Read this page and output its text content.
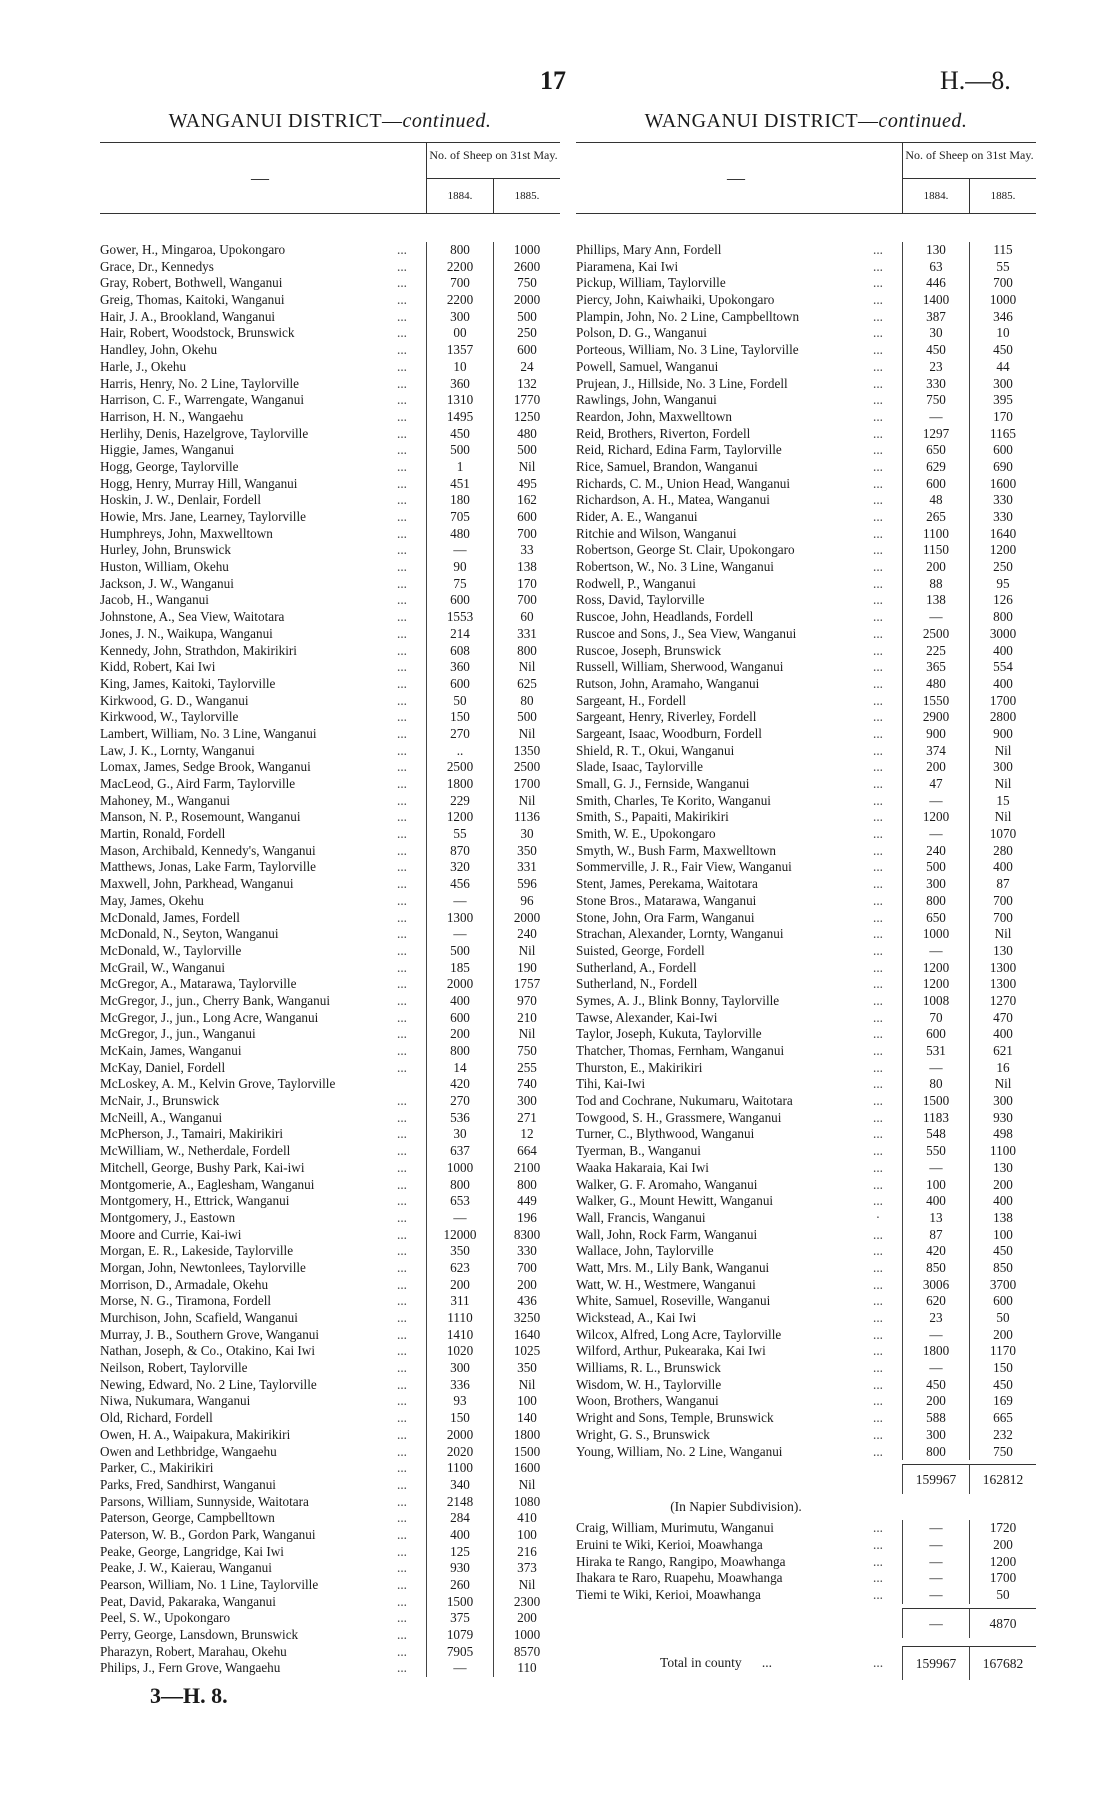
17	H.—8.
WANGANUI DISTRICT—continued.
—
No. of Sheep on 31st May.
1884.	1885.
Gower, H., Mingaroa, Upokongaro	...	800	1000
Grace, Dr., Kennedys	...	2200	2600
Gray, Robert, Bothwell, Wanganui	...	700	750
Greig, Thomas, Kaitoki, Wanganui	...	2200	2000
Hair, J. A., Brookland, Wanganui	...	300	500
Hair, Robert, Woodstock, Brunswick	...	00	250
Handley, John, Okehu	...	1357	600
Harle, J., Okehu	...	10	24
Harris, Henry, No. 2 Line, Taylorville	...	360	132
Harrison, C. F., Warrengate, Wanganui	...	1310	1770
Harrison, H. N., Wangaehu	...	1495	1250
Herlihy, Denis, Hazelgrove, Taylorville	...	450	480
Higgie, James, Wanganui	...	500	500
Hogg, George, Taylorville	...	1	Nil
Hogg, Henry, Murray Hill, Wanganui	...	451	495
Hoskin, J. W., Denlair, Fordell	...	180	162
Howie, Mrs. Jane, Learney, Taylorville	...	705	600
Humphreys, John, Maxwelltown	...	480	700
Hurley, John, Brunswick	...	—	33
Huston, William, Okehu	...	90	138
Jackson, J. W., Wanganui	...	75	170
Jacob, H., Wanganui	...	600	700
Johnstone, A., Sea View, Waitotara	...	1553	60
Jones, J. N., Waikupa, Wanganui	...	214	331
Kennedy, John, Strathdon, Makirikiri	...	608	800
Kidd, Robert, Kai Iwi	...	360	Nil
King, James, Kaitoki, Taylorville	...	600	625
Kirkwood, G. D., Wanganui	...	50	80
Kirkwood, W., Taylorville	...	150	500
Lambert, William, No. 3 Line, Wanganui	...	270	Nil
Law, J. K., Lornty, Wanganui	...	..	1350
Lomax, James, Sedge Brook, Wanganui	...	2500	2500
MacLeod, G., Aird Farm, Taylorville	...	1800	1700
Mahoney, M., Wanganui	...	229	Nil
Manson, N. P., Rosemount, Wanganui	...	1200	1136
Martin, Ronald, Fordell	...	55	30
Mason, Archibald, Kennedy's, Wanganui	...	870	350
Matthews, Jonas, Lake Farm, Taylorville	...	320	331
Maxwell, John, Parkhead, Wanganui	...	456	596
May, James, Okehu	...	—	96
McDonald, James, Fordell	...	1300	2000
McDonald, N., Seyton, Wanganui	...	—	240
McDonald, W., Taylorville	...	500	Nil
McGrail, W., Wanganui	...	185	190
McGregor, A., Matarawa, Taylorville	...	2000	1757
McGregor, J., jun., Cherry Bank, Wanganui	...	400	970
McGregor, J., jun., Long Acre, Wanganui	...	600	210
McGregor, J., jun., Wanganui	...	200	Nil
McKain, James, Wanganui	...	800	750
McKay, Daniel, Fordell	...	14	255
McLoskey, A. M., Kelvin Grove, Taylorville	420	740
McNair, J., Brunswick	...	270	300
McNeill, A., Wanganui	...	536	271
McPherson, J., Tamairi, Makirikiri	...	30	12
McWilliam, W., Netherdale, Fordell	...	637	664
Mitchell, George, Bushy Park, Kai-iwi	...	1000	2100
Montgomerie, A., Eaglesham, Wanganui	...	800	800
Montgomery, H., Ettrick, Wanganui	...	653	449
Montgomery, J., Eastown	...	—	196
Moore and Currie, Kai-iwi	...	12000	8300
Morgan, E. R., Lakeside, Taylorville	...	350	330
Morgan, John, Newtonlees, Taylorville	...	623	700
Morrison, D., Armadale, Okehu	...	200	200
Morse, N. G., Tiramona, Fordell	...	311	436
Murchison, John, Scafield, Wanganui	...	1110	3250
Murray, J. B., Southern Grove, Wanganui	...	1410	1640
Nathan, Joseph, & Co., Otakino, Kai Iwi	...	1020	1025
Neilson, Robert, Taylorville	...	300	350
Newing, Edward, No. 2 Line, Taylorville	...	336	Nil
Niwa, Nukumara, Wanganui	...	93	100
Old, Richard, Fordell	...	150	140
Owen, H. A., Waipakura, Makirikiri	...	2000	1800
Owen and Lethbridge, Wangaehu	...	2020	1500
Parker, C., Makirikiri	...	1100	1600
Parks, Fred, Sandhirst, Wanganui	...	340	Nil
Parsons, William, Sunnyside, Waitotara	...	2148	1080
Paterson, George, Campbelltown	...	284	410
Paterson, W. B., Gordon Park, Wanganui	...	400	100
Peake, George, Langridge, Kai Iwi	...	125	216
Peake, J. W., Kaierau, Wanganui	...	930	373
Pearson, William, No. 1 Line, Taylorville	...	260	Nil
Peat, David, Pakaraka, Wanganui	...	1500	2300
Peel, S. W., Upokongaro	...	375	200
Perry, George, Lansdown, Brunswick	...	1079	1000
Pharazyn, Robert, Marahau, Okehu	...	7905	8570
Philips, J., Fern Grove, Wangaehu	...	—	110
3—H. 8.
WANGANUI DISTRICT—continued.
—
No. of Sheep on 31st May.
1884.	1885.
Phillips, Mary Ann, Fordell	...	130	115
Piaramena, Kai Iwi	...	63	55
Pickup, William, Taylorville	...	446	700
Piercy, John, Kaiwhaiki, Upokongaro	...	1400	1000
Plampin, John, No. 2 Line, Campbelltown	...	387	346
Polson, D. G., Wanganui	...	30	10
Porteous, William, No. 3 Line, Taylorville	...	450	450
Powell, Samuel, Wanganui	...	23	44
Prujean, J., Hillside, No. 3 Line, Fordell	...	330	300
Rawlings, John, Wanganui	...	750	395
Reardon, John, Maxwelltown	...	—	170
Reid, Brothers, Riverton, Fordell	...	1297	1165
Reid, Richard, Edina Farm, Taylorville	...	650	600
Rice, Samuel, Brandon, Wanganui	...	629	690
Richards, C. M., Union Head, Wanganui	...	600	1600
Richardson, A. H., Matea, Wanganui	...	48	330
Rider, A. E., Wanganui	...	265	330
Ritchie and Wilson, Wanganui	...	1100	1640
Robertson, George St. Clair, Upokongaro	...	1150	1200
Robertson, W., No. 3 Line, Wanganui	...	200	250
Rodwell, P., Wanganui	...	88	95
Ross, David, Taylorville	...	138	126
Ruscoe, John, Headlands, Fordell	...	—	800
Ruscoe and Sons, J., Sea View, Wanganui	...	2500	3000
Ruscoe, Joseph, Brunswick	...	225	400
Russell, William, Sherwood, Wanganui	...	365	554
Rutson, John, Aramaho, Wanganui	...	480	400
Sargeant, H., Fordell	...	1550	1700
Sargeant, Henry, Riverley, Fordell	...	2900	2800
Sargeant, Isaac, Woodburn, Fordell	...	900	900
Shield, R. T., Okui, Wanganui	...	374	Nil
Slade, Isaac, Taylorville	...	200	300
Small, G. J., Fernside, Wanganui	...	47	Nil
Smith, Charles, Te Korito, Wanganui	...	—	15
Smith, S., Papaiti, Makirikiri	...	1200	Nil
Smith, W. E., Upokongaro	...	—	1070
Smyth, W., Bush Farm, Maxwelltown	...	240	280
Sommerville, J. R., Fair View, Wanganui	...	500	400
Stent, James, Perekama, Waitotara	...	300	87
Stone Bros., Matarawa, Wanganui	...	800	700
Stone, John, Ora Farm, Wanganui	...	650	700
Strachan, Alexander, Lornty, Wanganui	...	1000	Nil
Suisted, George, Fordell	...	—	130
Sutherland, A., Fordell	...	1200	1300
Sutherland, N., Fordell	...	1200	1300
Symes, A. J., Blink Bonny, Taylorville	...	1008	1270
Tawse, Alexander, Kai-Iwi	...	70	470
Taylor, Joseph, Kukuta, Taylorville	...	600	400
Thatcher, Thomas, Fernham, Wanganui	...	531	621
Thurston, E., Makirikiri	...	—	16
Tihi, Kai-Iwi	...	80	Nil
Tod and Cochrane, Nukumaru, Waitotara	...	1500	300
Towgood, S. H., Grassmere, Wanganui	...	1183	930
Turner, C., Blythwood, Wanganui	...	548	498
Tyerman, B., Wanganui	...	550	1100
Waaka Hakaraia, Kai Iwi	...	—	130
Walker, G. F. Aromaho, Wanganui	...	100	200
Walker, G., Mount Hewitt, Wanganui	...	400	400
Wall, Francis, Wanganui	·	13	138
Wall, John, Rock Farm, Wanganui	...	87	100
Wallace, John, Taylorville	...	420	450
Watt, Mrs. M., Lily Bank, Wanganui	...	850	850
Watt, W. H., Westmere, Wanganui	...	3006	3700
White, Samuel, Roseville, Wanganui	...	620	600
Wickstead, A., Kai Iwi	...	23	50
Wilcox, Alfred, Long Acre, Taylorville	...	—	200
Wilford, Arthur, Pukearaka, Kai Iwi	...	1800	1170
Williams, R. L., Brunswick	...	—	150
Wisdom, W. H., Taylorville	...	450	450
Woon, Brothers, Wanganui	...	200	169
Wright and Sons, Temple, Brunswick	...	588	665
Wright, G. S., Brunswick	...	300	232
Young, William, No. 2 Line, Wanganui	...	800	750
159967	162812
(In Napier Subdivision).
Craig, William, Murimutu, Wanganui	...	—	1720
Eruini te Wiki, Kerioi, Moawhanga	...	—	200
Hiraka te Rango, Rangipo, Moawhanga	...	—	1200
Ihakara te Raro, Ruapehu, Moawhanga	...	—	1700
Tiemi te Wiki, Kerioi, Moawhanga	...	—	50
—	4870
Total in county ...	...	159967	167682
